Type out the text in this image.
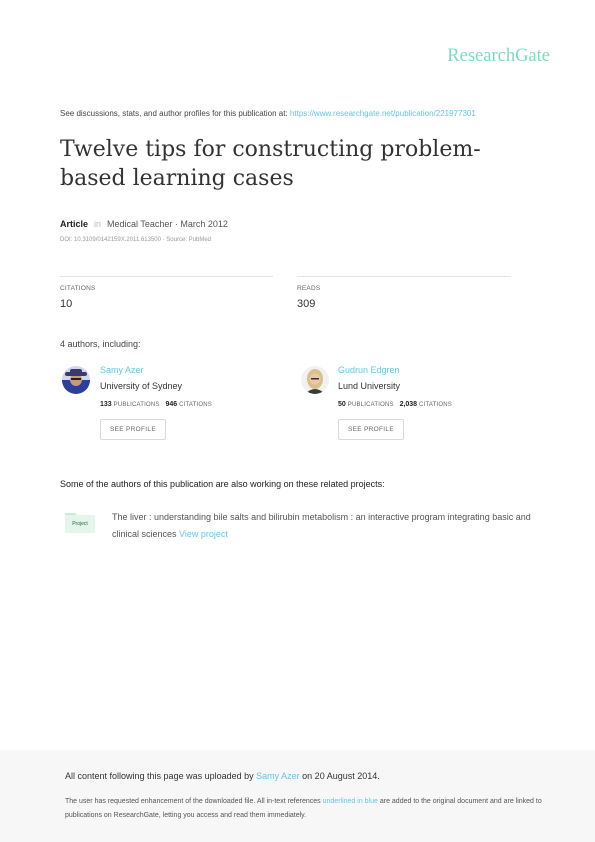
ResearchGate
See discussions, stats, and author profiles for this publication at: https://www.researchgate.net/publication/221977301
Twelve tips for constructing problem-based learning cases
Article in Medical Teacher · March 2012
DOI: 10.3109/0142159X.2011.613500 · Source: PubMed
CITATIONS
10
READS
309
4 authors, including:
Samy Azer
University of Sydney
133 PUBLICATIONS 946 CITATIONS
SEE PROFILE
Gudrun Edgren
Lund University
50 PUBLICATIONS 2,038 CITATIONS
SEE PROFILE
Some of the authors of this publication are also working on these related projects:
Project
The liver : understanding bile salts and bilirubin metabolism : an interactive program integrating basic and clinical sciences View project
All content following this page was uploaded by Samy Azer on 20 August 2014.
The user has requested enhancement of the downloaded file. All in-text references underlined in blue are added to the original document and are linked to publications on ResearchGate, letting you access and read them immediately.
